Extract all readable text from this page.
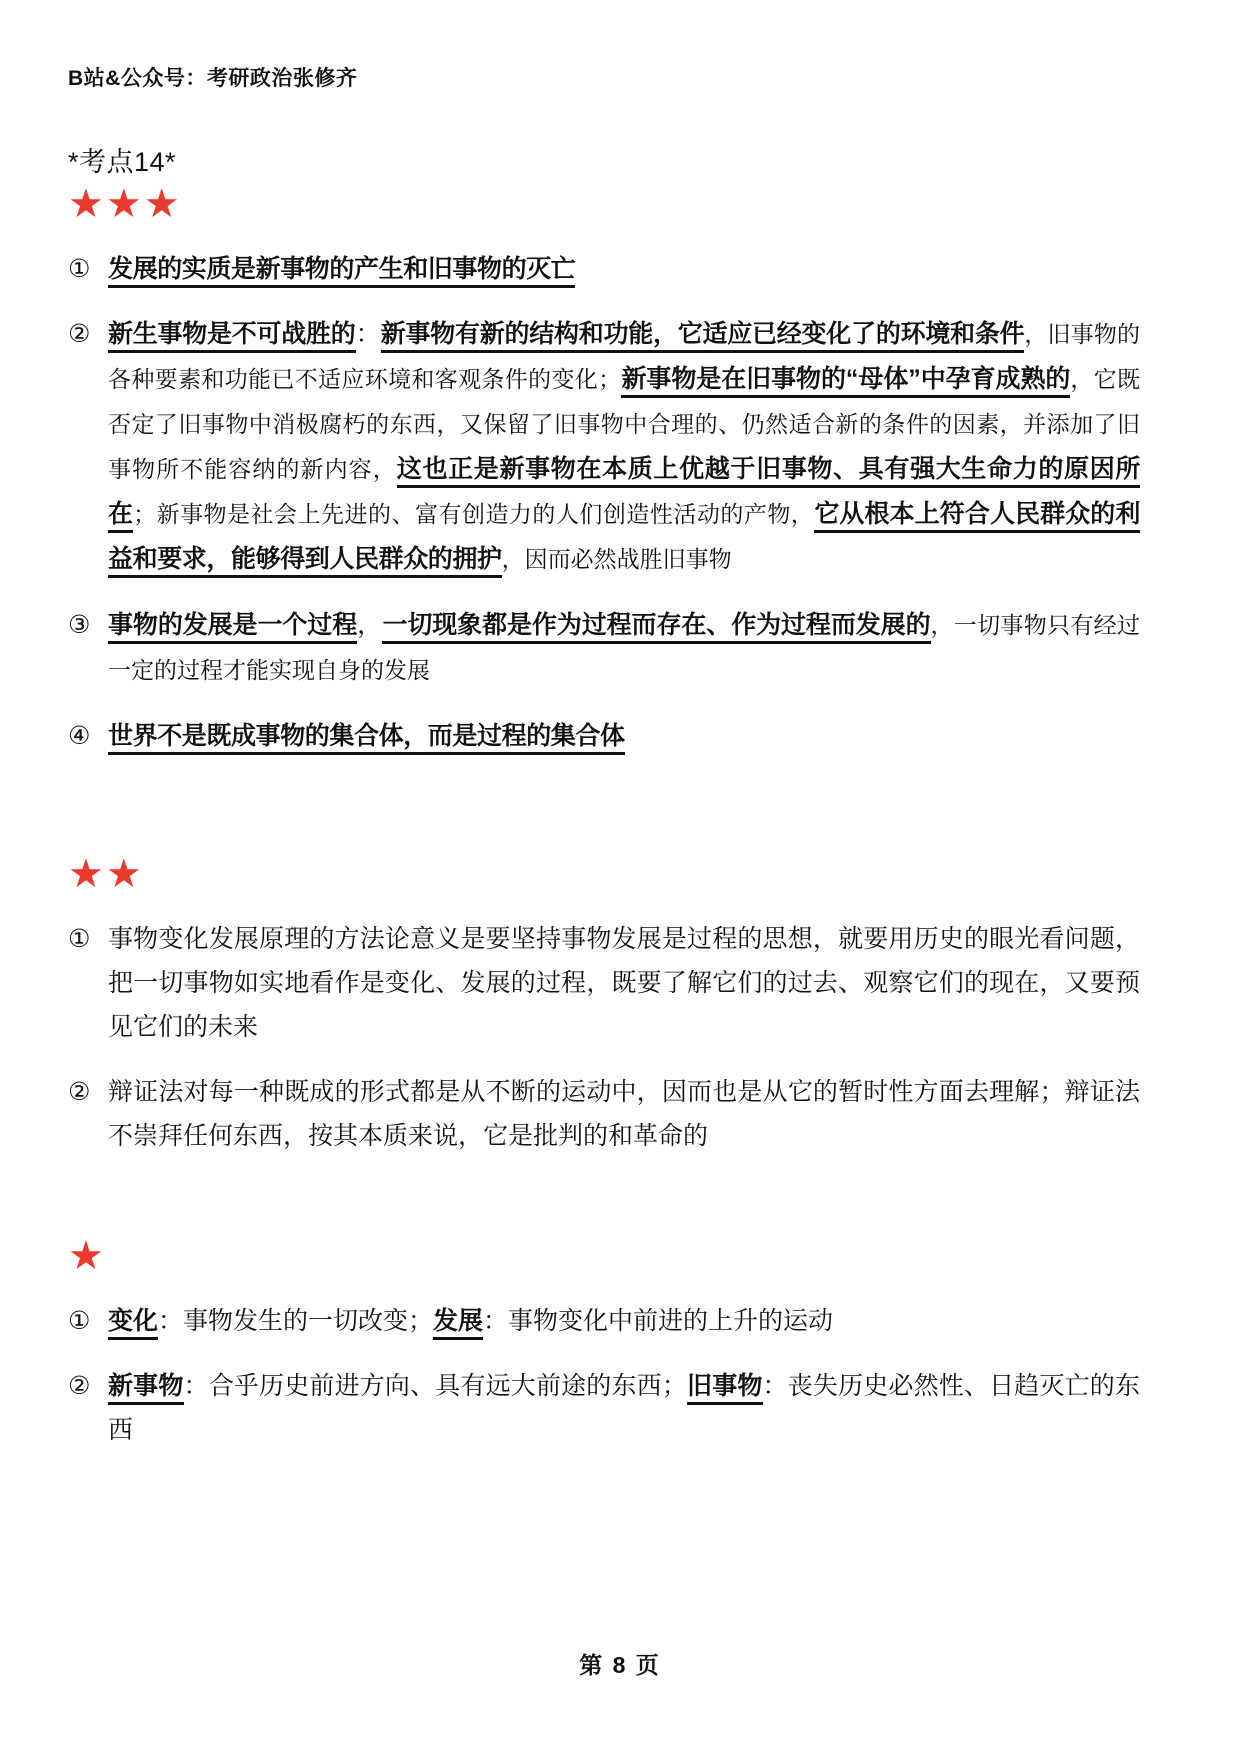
B站&公众号：考研政治张修齐
*考点14*
★★★
① 发展的实质是新事物的产生和旧事物的灭亡
② 新生事物是不可战胜的：新事物有新的结构和功能，它适应已经变化了的环境和条件，旧事物的各种要素和功能已不适应环境和客观条件的变化；新事物是在旧事物的“母体”中孕育成熟的，它既否定了旧事物中消极腐朽的东西，又保留了旧事物中合理的、仍然适合新的条件的因素，并添加了旧事物所不能容纳的新内容，这也正是新事物在本质上优越于旧事物、具有强大生命力的原因所在；新事物是社会上先进的、富有创造力的人们创造性活动的产物，它从根本上符合人民群众的利益和要求，能够得到人民群众的拥护，因而必然战胜旧事物
③ 事物的发展是一个过程，一切现象都是作为过程而存在、作为过程而发展的，一切事物只有经过一定的过程才能实现自身的发展
④ 世界不是既成事物的集合体，而是过程的集合体
★★
① 事物变化发展原理的方法论意义是要坚持事物发展是过程的思想，就要用历史的眼光看问题，把一切事物如实地看作是变化、发展的过程，既要了解它们的过去、观察它们的现在，又要预见它们的未来
② 辩证法对每一种既成的形式都是从不断的运动中，因而也是从它的暂时性方面去理解；辩证法不崇拜任何东西，按其本质来说，它是批判的和革命的
★
① 变化：事物发生的一切改变；发展：事物变化中前进的上升的运动
② 新事物：合乎历史前进方向、具有远大前途的东西；旧事物：丧失历史必然性、日趋灭亡的东西
第 8 页
